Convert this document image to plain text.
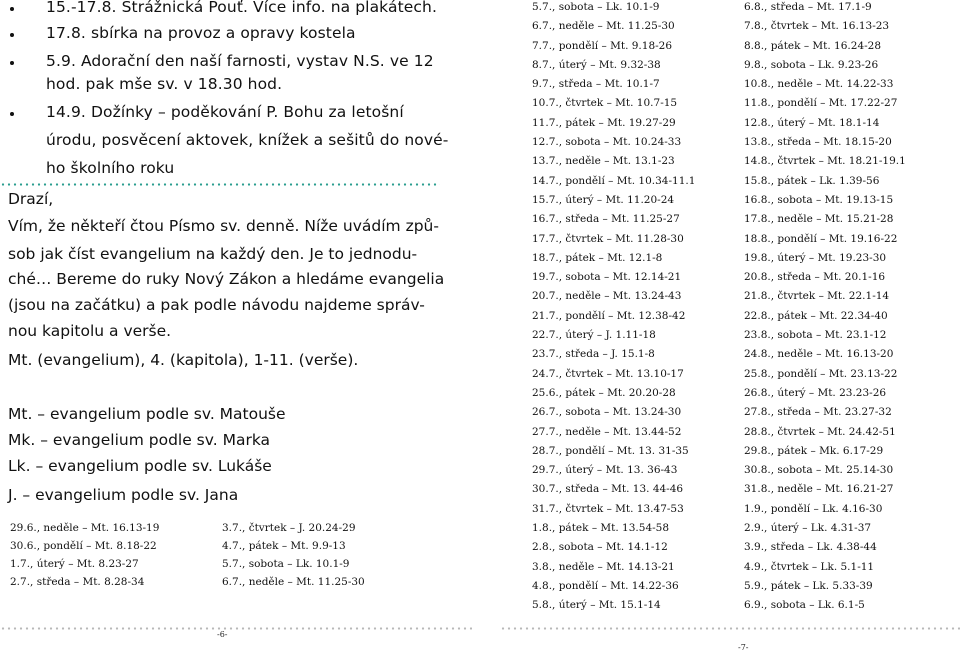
15.-17.8. Strážnická Pouť. Více info. na plakátech.
17.8. sbírka na provoz a opravy kostela
5.9. Adorační den naší farnosti, vystav N.S. ve 12
hod. pak mše sv. v 18.30 hod.
14.9. Dožínky – poděkování P. Bohu za letošní
úrodu, posvěcení aktovek, knížek a sešitů do nové-
ho školního roku
Drazí,
Vím, že někteří čtou Písmo sv. denně. Níže uvádím způ-
sob jak číst evangelium na každý den. Je to jednodu-
ché… Bereme do ruky Nový Zákon a hledáme evangelia
(jsou na začátku) a pak podle návodu najdeme správ-
nou kapitolu a verše.
Mt. (evangelium), 4. (kapitola), 1-11. (verše).
Mt. – evangelium podle sv. Matouše
Mk. – evangelium podle sv. Marka
Lk. – evangelium podle sv. Lukáše
J. – evangelium podle sv. Jana
29.6., neděle – Mt. 16.13-19
30.6., pondělí – Mt. 8.18-22
1.7., úterý – Mt. 8.23-27
2.7., středa – Mt. 8.28-34
3.7., čtvrtek – J. 20.24-29
4.7., pátek – Mt. 9.9-13
5.7., sobota – Lk. 10.1-9
6.7., neděle – Mt. 11.25-30
-6-
5.7., sobota – Lk. 10.1-9
6.7., neděle – Mt. 11.25-30
7.7., pondělí – Mt. 9.18-26
8.7., úterý – Mt. 9.32-38
9.7., středa – Mt. 10.1-7
10.7., čtvrtek – Mt. 10.7-15
11.7., pátek – Mt. 19.27-29
12.7., sobota – Mt. 10.24-33
13.7., neděle – Mt. 13.1-23
14.7., pondělí – Mt. 10.34-11.1
15.7., úterý – Mt. 11.20-24
16.7., středa – Mt. 11.25-27
17.7., čtvrtek – Mt. 11.28-30
18.7., pátek – Mt. 12.1-8
19.7., sobota – Mt. 12.14-21
20.7., neděle – Mt. 13.24-43
21.7., pondělí – Mt. 12.38-42
22.7., úterý – J. 1.11-18
23.7., středa – J. 15.1-8
24.7., čtvrtek – Mt. 13.10-17
25.6., pátek – Mt. 20.20-28
26.7., sobota – Mt. 13.24-30
27.7., neděle – Mt. 13.44-52
28.7., pondělí – Mt. 13. 31-35
29.7., úterý – Mt. 13. 36-43
30.7., středa – Mt. 13. 44-46
31.7., čtvrtek – Mt. 13.47-53
1.8., pátek – Mt. 13.54-58
2.8., sobota – Mt. 14.1-12
3.8., neděle – Mt. 14.13-21
4.8., pondělí – Mt. 14.22-36
5.8., úterý – Mt. 15.1-14
6.8., středa – Mt. 17.1-9
7.8., čtvrtek – Mt. 16.13-23
8.8., pátek – Mt. 16.24-28
9.8., sobota – Lk. 9.23-26
10.8., neděle – Mt. 14.22-33
11.8., pondělí – Mt. 17.22-27
12.8., úterý – Mt. 18.1-14
13.8., středa – Mt. 18.15-20
14.8., čtvrtek – Mt. 18.21-19.1
15.8., pátek – Lk. 1.39-56
16.8., sobota – Mt. 19.13-15
17.8., neděle – Mt. 15.21-28
18.8., pondělí – Mt. 19.16-22
19.8., úterý – Mt. 19.23-30
20.8., středa – Mt. 20.1-16
21.8., čtvrtek – Mt. 22.1-14
22.8., pátek – Mt. 22.34-40
23.8., sobota – Mt. 23.1-12
24.8., neděle – Mt. 16.13-20
25.8., pondělí – Mt. 23.13-22
26.8., úterý – Mt. 23.23-26
27.8., středa – Mt. 23.27-32
28.8., čtvrtek – Mt. 24.42-51
29.8., pátek – Mk. 6.17-29
30.8., sobota – Mt. 25.14-30
31.8., neděle – Mt. 16.21-27
1.9., pondělí – Lk. 4.16-30
2.9., úterý – Lk. 4.31-37
3.9., středa – Lk. 4.38-44
4.9., čtvrtek – Lk. 5.1-11
5.9., pátek – Lk. 5.33-39
6.9., sobota – Lk. 6.1-5
-7-
